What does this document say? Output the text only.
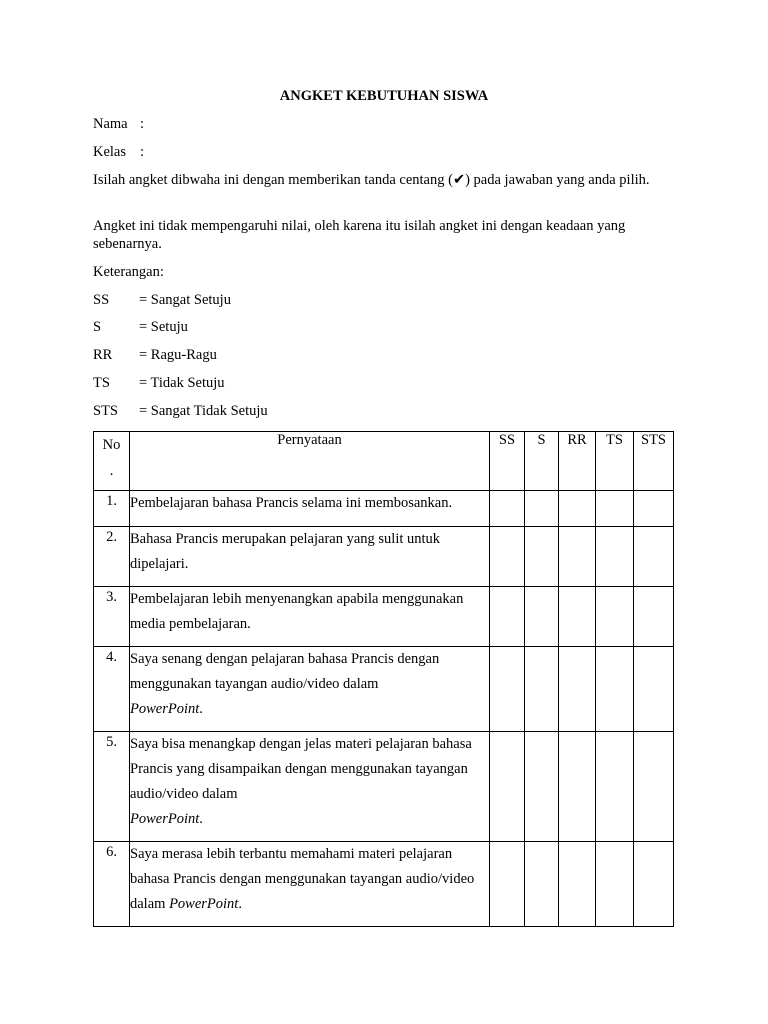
ANGKET KEBUTUHAN SISWA
Nama :
Kelas :
Isilah angket dibwaha ini dengan memberikan tanda centang (✔) pada jawaban yang anda pilih.
Angket ini tidak mempengaruhi nilai, oleh karena itu isilah angket ini dengan keadaan yang sebenarnya.
Keterangan:
SS = Sangat Setuju
S	= Setuju
RR = Ragu-Ragu
TS = Tidak Setuju
STS = Sangat Tidak Setuju
No
.	Pernyataan	SS	S	RR	TS	STS
1.	Pembelajaran bahasa Prancis selama ini membosankan.					
2.	Bahasa Prancis merupakan pelajaran yang sulit untuk dipelajari.					
3.	Pembelajaran lebih menyenangkan apabila menggunakan media pembelajaran.					
4.	Saya senang dengan pelajaran bahasa Prancis dengan menggunakan tayangan audio/video dalam
PowerPoint.					
5.	Saya bisa menangkap dengan jelas materi pelajaran bahasa Prancis yang disampaikan dengan menggunakan tayangan audio/video dalam
PowerPoint.					
6.	Saya merasa lebih terbantu memahami materi pelajaran bahasa Prancis dengan menggunakan tayangan audio/video dalam PowerPoint.					
